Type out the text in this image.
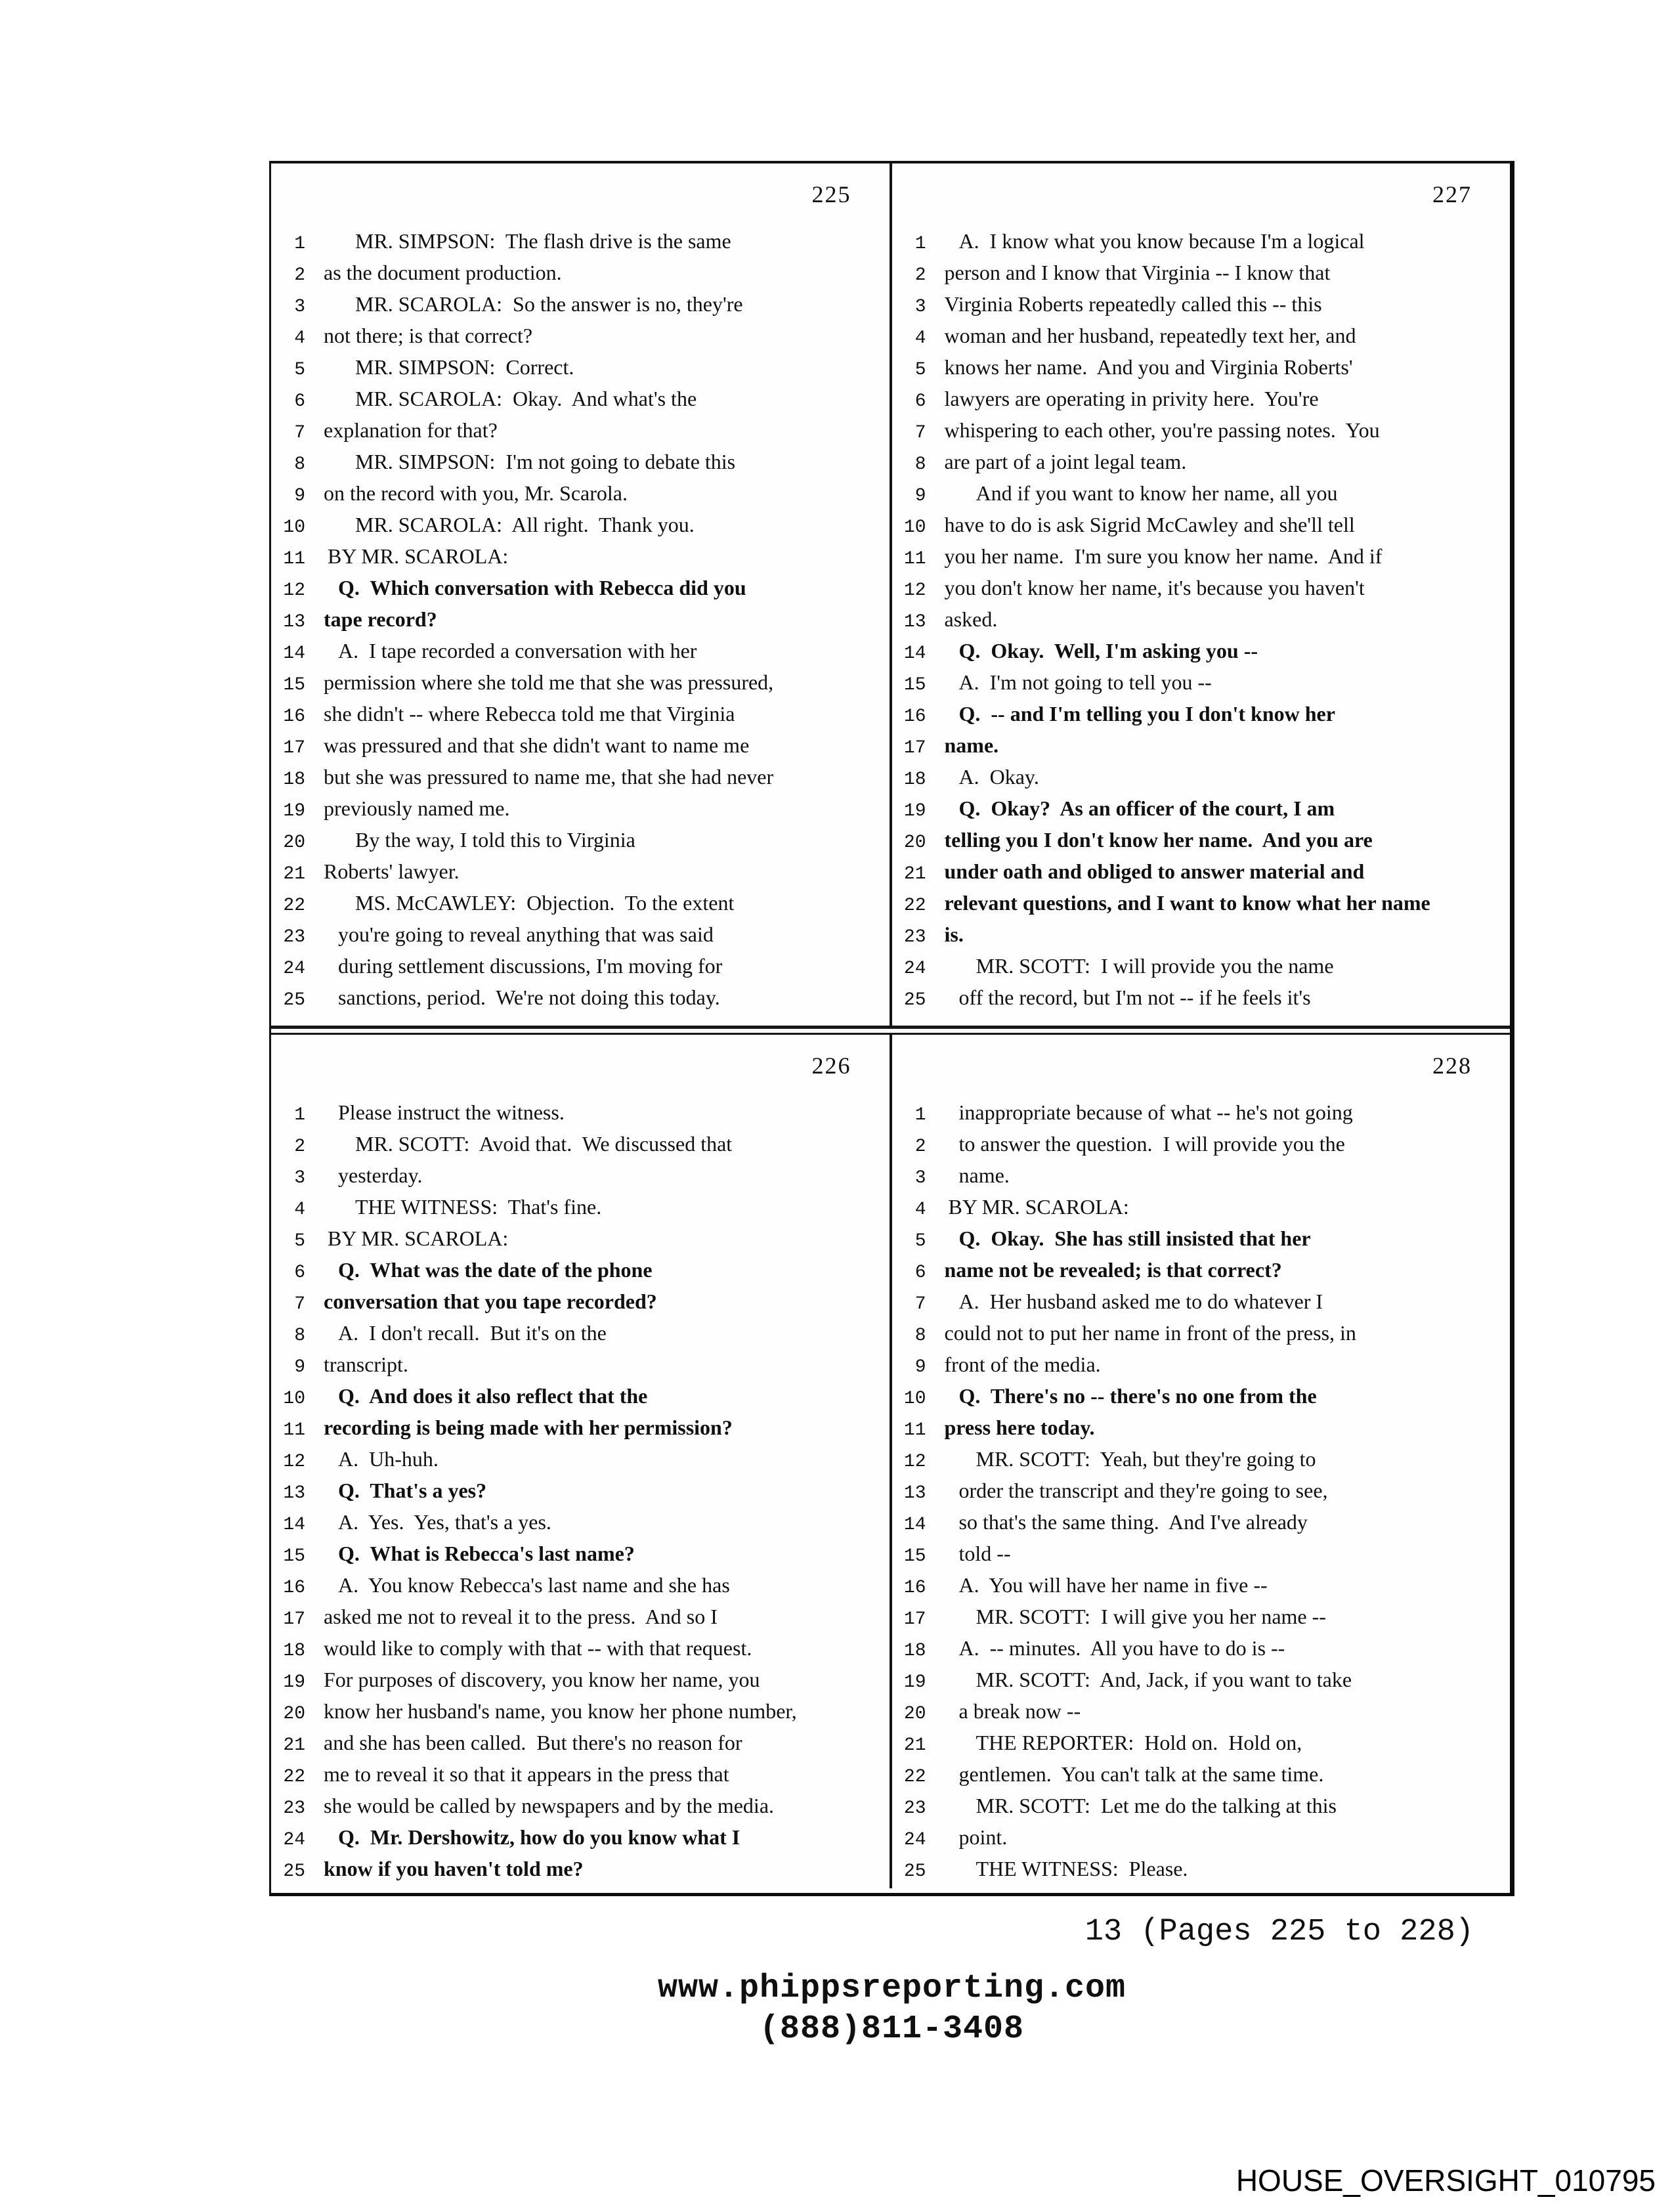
225
1 MR. SIMPSON:  The flash drive is the same
2 as the document production.
3 MR. SCAROLA:  So the answer is no, they're
4 not there; is that correct?
5 MR. SIMPSON:  Correct.
6 MR. SCAROLA:  Okay.  And what's the
7 explanation for that?
8 MR. SIMPSON:  I'm not going to debate this
9 on the record with you, Mr. Scarola.
10 MR. SCAROLA:  All right.  Thank you.
11 BY MR. SCAROLA:
12 Q.  Which conversation with Rebecca did you
13 tape record?
14 A.  I tape recorded a conversation with her
15 permission where she told me that she was pressured,
16 she didn't -- where Rebecca told me that Virginia
17 was pressured and that she didn't want to name me
18 but she was pressured to name me, that she had never
19 previously named me.
20 By the way, I told this to Virginia
21 Roberts' lawyer.
22 MS. McCAWLEY:  Objection.  To the extent
23 you're going to reveal anything that was said
24 during settlement discussions, I'm moving for
25 sanctions, period.  We're not doing this today.
227
1 A.  I know what you know because I'm a logical
2 person and I know that Virginia -- I know that
3 Virginia Roberts repeatedly called this -- this
4 woman and her husband, repeatedly text her, and
5 knows her name.  And you and Virginia Roberts'
6 lawyers are operating in privity here.  You're
7 whispering to each other, you're passing notes.  You
8 are part of a joint legal team.
9 And if you want to know her name, all you
10 have to do is ask Sigrid McCawley and she'll tell
11 you her name.  I'm sure you know her name.  And if
12 you don't know her name, it's because you haven't
13 asked.
14 Q.  Okay.  Well, I'm asking you --
15 A.  I'm not going to tell you --
16 Q.  -- and I'm telling you I don't know her
17 name.
18 A.  Okay.
19 Q.  Okay?  As an officer of the court, I am
20 telling you I don't know her name.  And you are
21 under oath and obliged to answer material and
22 relevant questions, and I want to know what her name
23 is.
24 MR. SCOTT:  I will provide you the name
25 off the record, but I'm not -- if he feels it's
226
1 Please instruct the witness.
2 MR. SCOTT:  Avoid that.  We discussed that
3 yesterday.
4 THE WITNESS:  That's fine.
5 BY MR. SCAROLA:
6 Q.  What was the date of the phone
7 conversation that you tape recorded?
8 A.  I don't recall.  But it's on the
9 transcript.
10 Q.  And does it also reflect that the
11 recording is being made with her permission?
12 A.  Uh-huh.
13 Q.  That's a yes?
14 A.  Yes.  Yes, that's a yes.
15 Q.  What is Rebecca's last name?
16 A.  You know Rebecca's last name and she has
17 asked me not to reveal it to the press.  And so I
18 would like to comply with that -- with that request.
19 For purposes of discovery, you know her name, you
20 know her husband's name, you know her phone number,
21 and she has been called.  But there's no reason for
22 me to reveal it so that it appears in the press that
23 she would be called by newspapers and by the media.
24 Q.  Mr. Dershowitz, how do you know what I
25 know if you haven't told me?
228
1 inappropriate because of what -- he's not going
2 to answer the question.  I will provide you the
3 name.
4 BY MR. SCAROLA:
5 Q.  Okay.  She has still insisted that her
6 name not be revealed; is that correct?
7 A.  Her husband asked me to do whatever I
8 could not to put her name in front of the press, in
9 front of the media.
10 Q.  There's no -- there's no one from the
11 press here today.
12 MR. SCOTT:  Yeah, but they're going to
13 order the transcript and they're going to see,
14 so that's the same thing.  And I've already
15 told --
16 A.  You will have her name in five --
17 MR. SCOTT:  I will give you her name --
18 A.  -- minutes.  All you have to do is --
19 MR. SCOTT:  And, Jack, if you want to take
20 a break now --
21 THE REPORTER:  Hold on.  Hold on,
22 gentlemen.  You can't talk at the same time.
23 MR. SCOTT:  Let me do the talking at this
24 point.
25 THE WITNESS:  Please.
13 (Pages 225 to 228)
www.phippsreporting.com
(888)811-3408
HOUSE_OVERSIGHT_010795
